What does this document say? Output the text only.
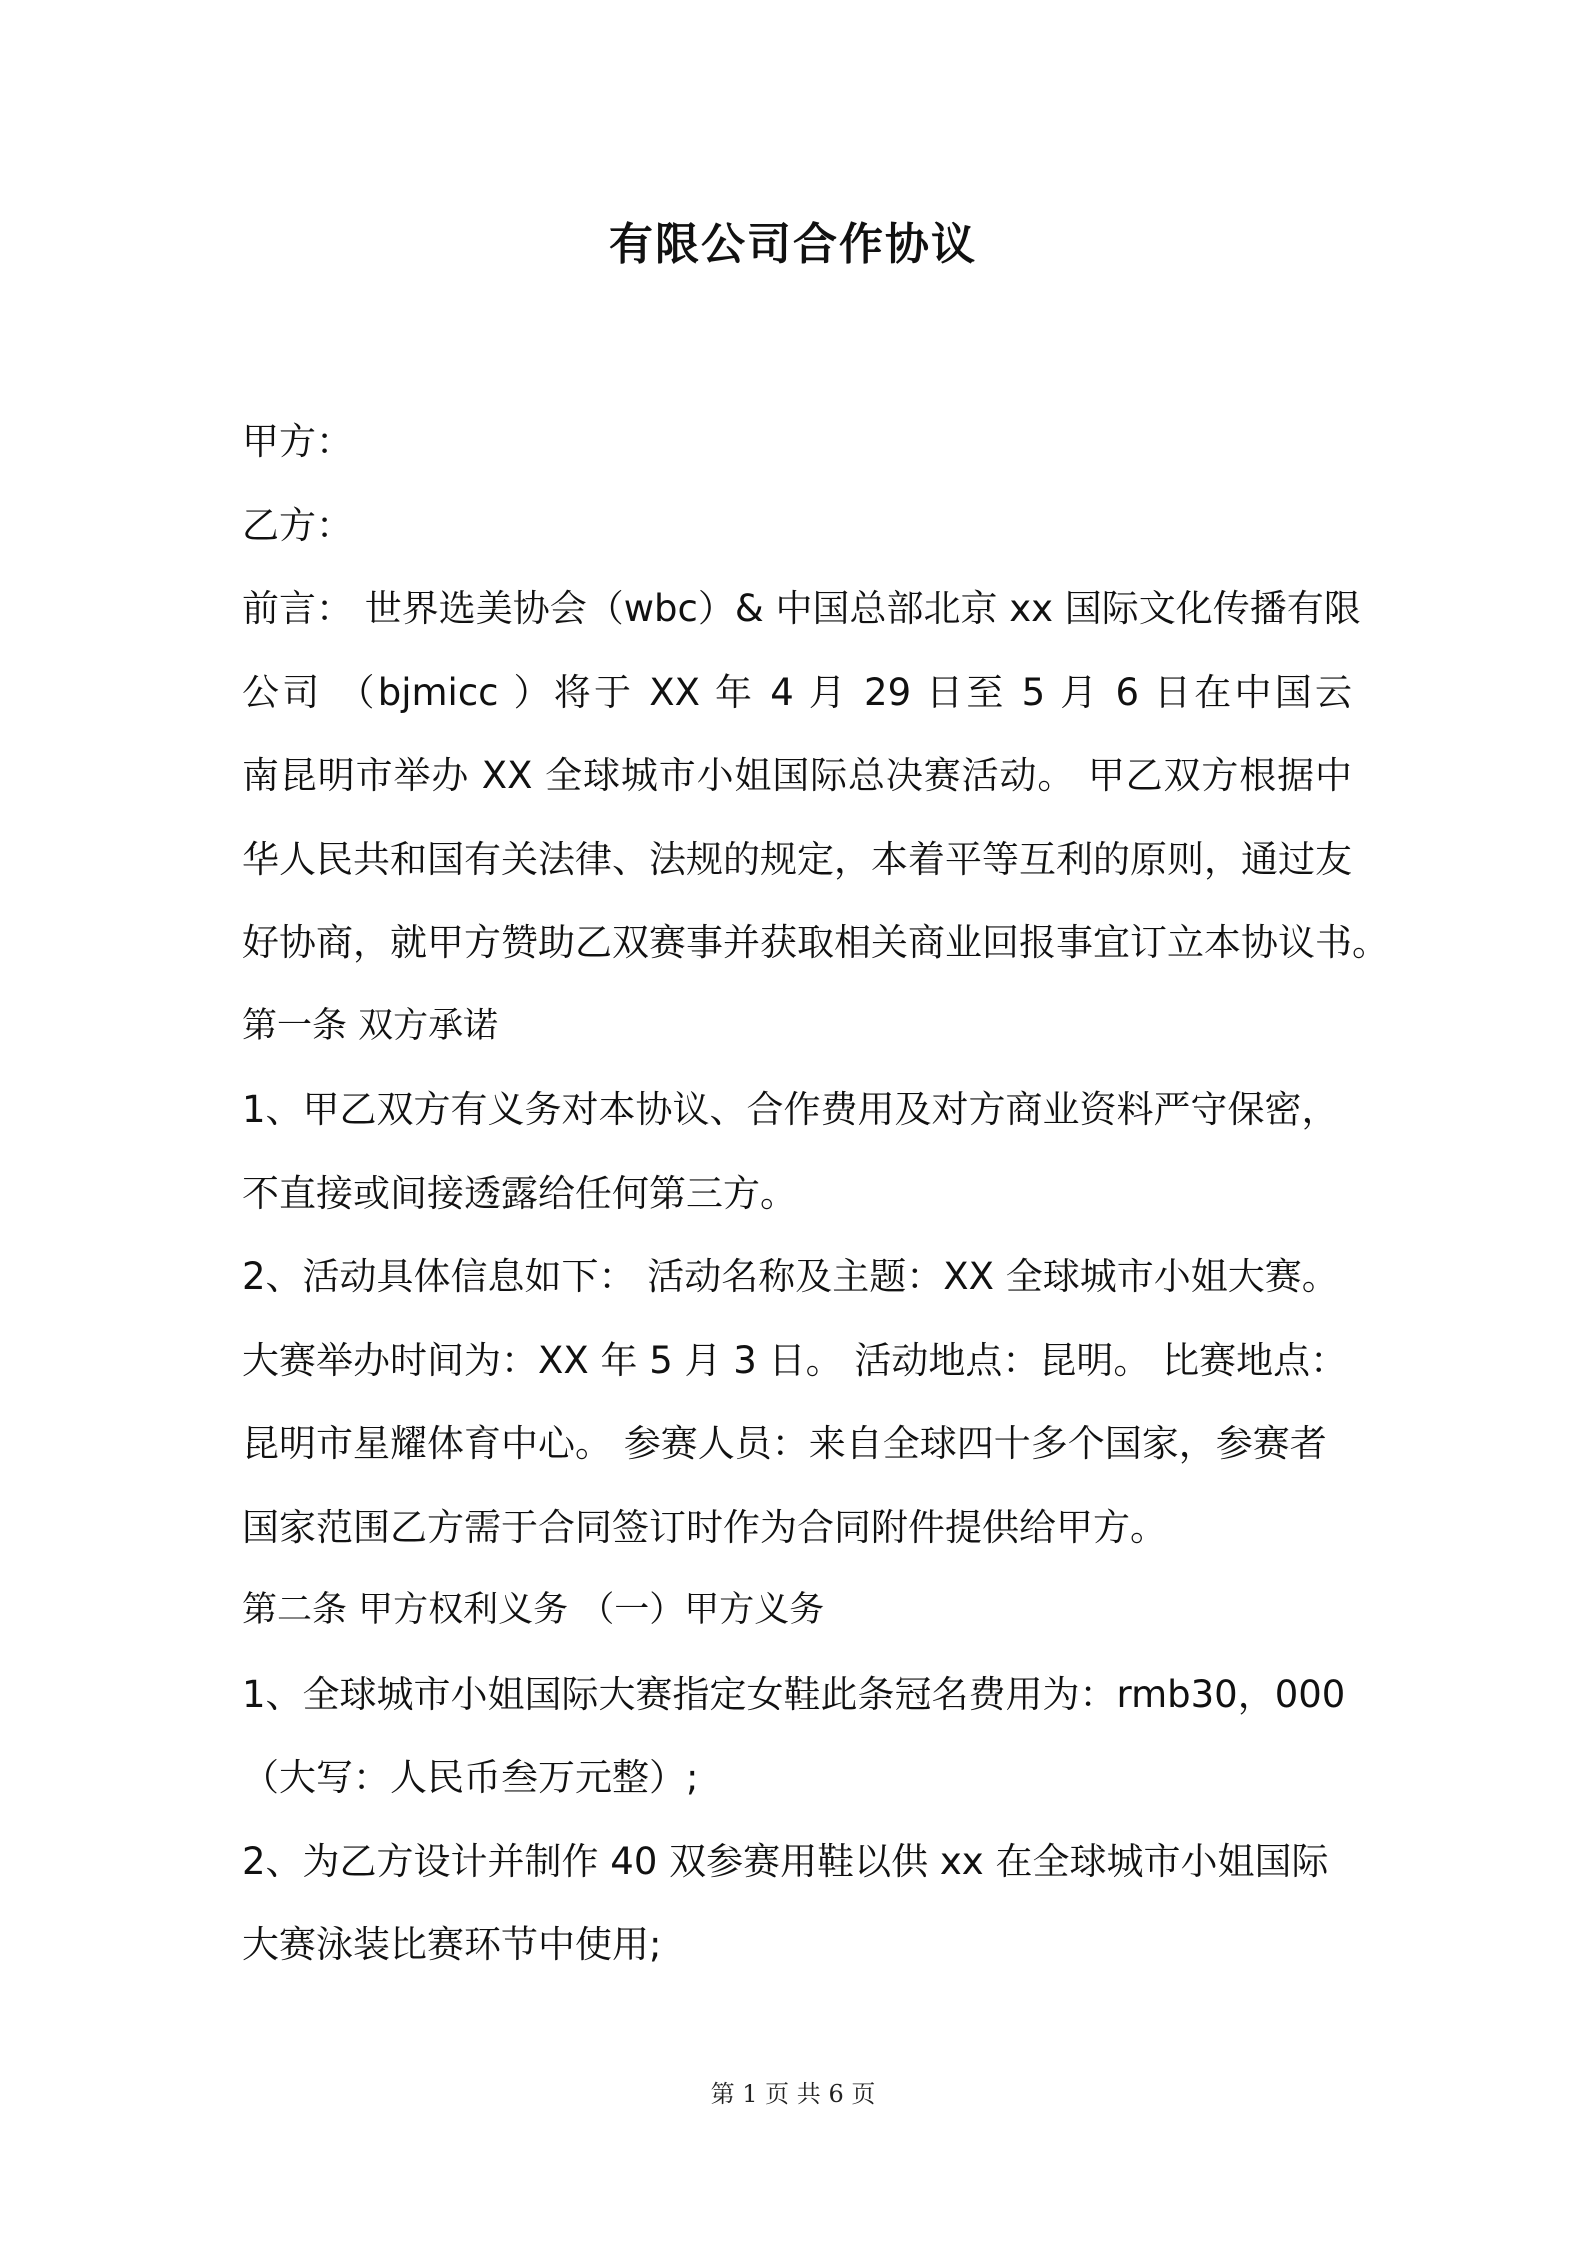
有限公司合作协议
甲方：
乙方：
前言： 世界选美协会（wbc）& 中国总部北京 xx 国际文化传播有限
公司 （bjmicc ）将于 XX 年 4 月 29 日至 5 月 6 日在中国云
南昆明市举办 XX 全球城市小姐国际总决赛活动。 甲乙双方根据中
华人民共和国有关法律、法规的规定，本着平等互利的原则，通过友
好协商，就甲方赞助乙双赛事并获取相关商业回报事宜订立本协议书。
第一条 双方承诺
1、甲乙双方有义务对本协议、合作费用及对方商业资料严守保密，
不直接或间接透露给任何第三方。
2、活动具体信息如下： 活动名称及主题：XX 全球城市小姐大赛。
大赛举办时间为：XX 年 5 月 3 日。 活动地点：昆明。 比赛地点：
昆明市星耀体育中心。 参赛人员：来自全球四十多个国家，参赛者
国家范围乙方需于合同签订时作为合同附件提供给甲方。
第二条 甲方权利义务 （一）甲方义务
1、全球城市小姐国际大赛指定女鞋此条冠名费用为：rmb30，000
（大写：人民币叁万元整）;
2、为乙方设计并制作 40 双参赛用鞋以供 xx 在全球城市小姐国际
大赛泳装比赛环节中使用;
第 1 页 共 6 页
